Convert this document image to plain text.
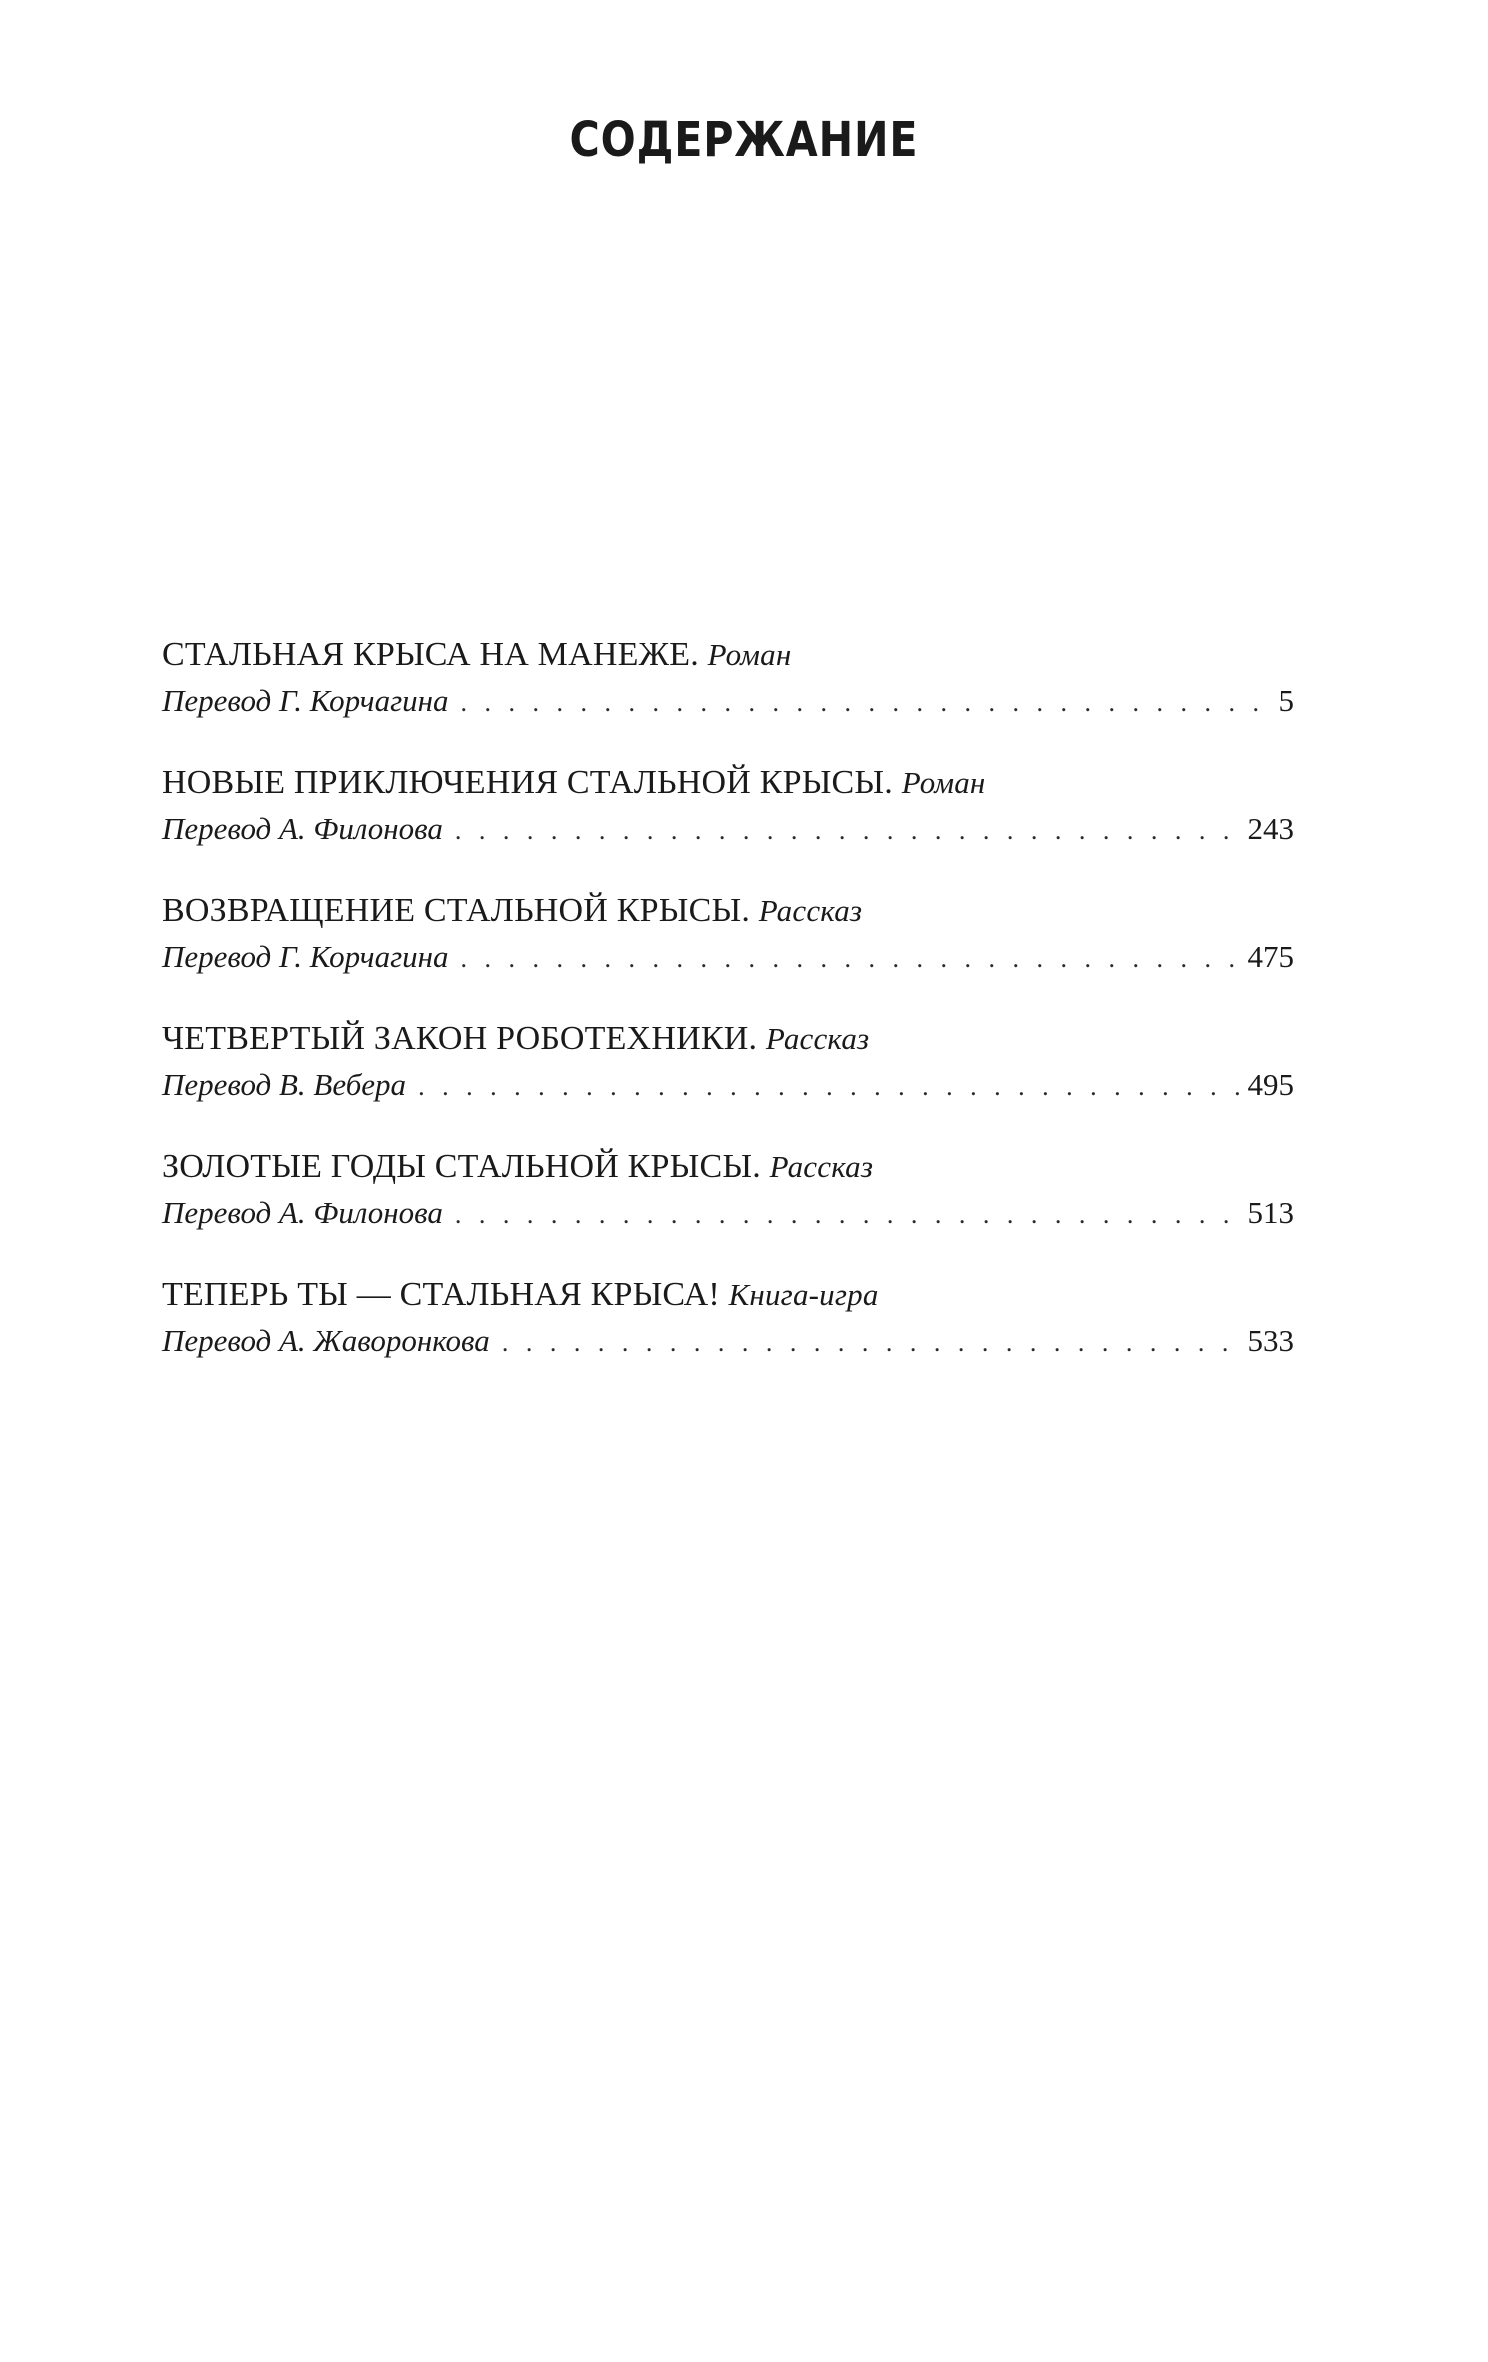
СОДЕРЖАНИЕ
СТАЛЬНАЯ КРЫСА НА МАНЕЖЕ. Роман
Перевод Г. Корчагина . . .	5
НОВЫЕ ПРИКЛЮЧЕНИЯ СТАЛЬНОЙ КРЫСЫ. Роман
Перевод А. Филонова . . .	243
ВОЗВРАЩЕНИЕ СТАЛЬНОЙ КРЫСЫ. Рассказ
Перевод Г. Корчагина . . .	475
ЧЕТВЕРТЫЙ ЗАКОН РОБОТЕХНИКИ. Рассказ
Перевод В. Вебера . . .	495
ЗОЛОТЫЕ ГОДЫ СТАЛЬНОЙ КРЫСЫ. Рассказ
Перевод А. Филонова . . .	513
ТЕПЕРЬ ТЫ — СТАЛЬНАЯ КРЫСА! Книга-игра
Перевод А. Жаворонкова . . .	533
